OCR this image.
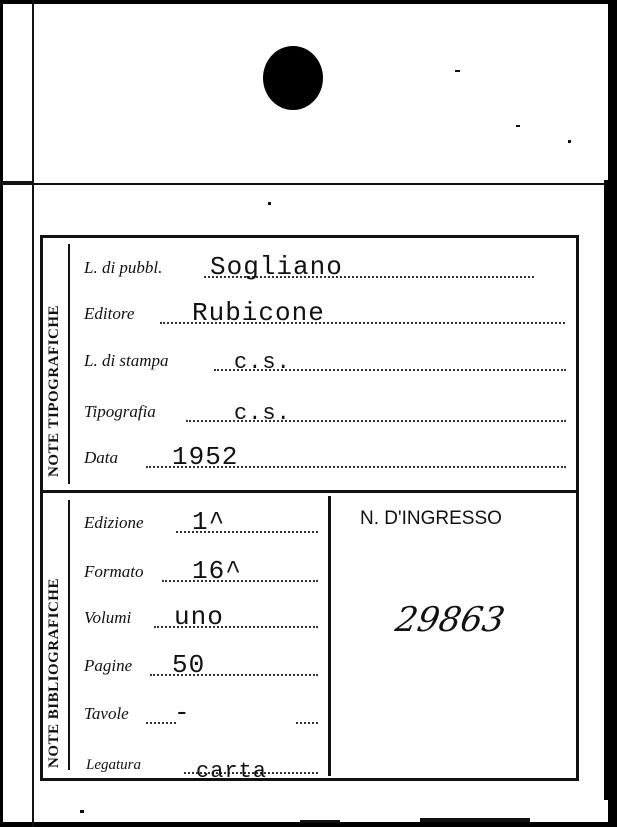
NOTE TIPOGRAFICHE
NOTE BIBLIOGRAFICHE
L. di pubbl. Sogliano
Editore Rubicone
L. di stampa	c.s.
Tipografia	c.s.
Data 1952
Edizione 1^
Formato 16^
Volumi uno
Pagine 50
Tavole -
Legatura carta
N. D'INGRESSO
29863
